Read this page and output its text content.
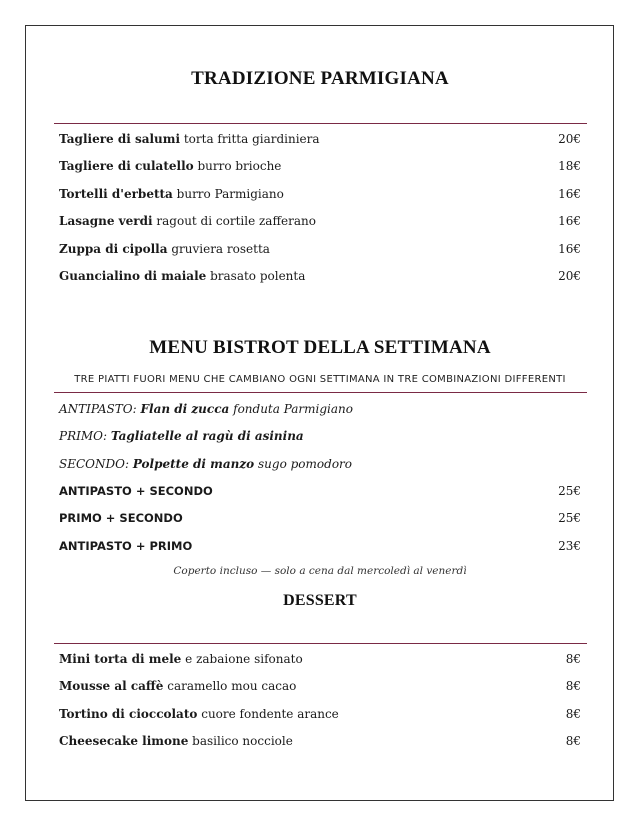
TRADIZIONE PARMIGIANA
Tagliere di salumi torta fritta giardiniera	20€
Tagliere di culatello burro brioche	18€
Tortelli d'erbetta burro Parmigiano	16€
Lasagne verdi ragout di cortile zafferano	16€
Zuppa di cipolla gruviera rosetta	16€
Guancialino di maiale brasato polenta	20€
MENU BISTROT DELLA SETTIMANA
TRE PIATTI FUORI MENU CHE CAMBIANO OGNI SETTIMANA IN TRE COMBINAZIONI DIFFERENTI
ANTIPASTO: Flan di zucca fonduta Parmigiano
PRIMO: Tagliatelle al ragù di asinina
SECONDO: Polpette di manzo sugo pomodoro
ANTIPASTO + SECONDO	25€
PRIMO + SECONDO	25€
ANTIPASTO + PRIMO	23€
Coperto incluso — solo a cena dal mercoledì al venerdì
DESSERT
Mini torta di mele e zabaione sifonato	8€
Mousse al caffè caramello mou cacao	8€
Tortino di cioccolato cuore fondente arance	8€
Cheesecake limone basilico nocciole	8€
